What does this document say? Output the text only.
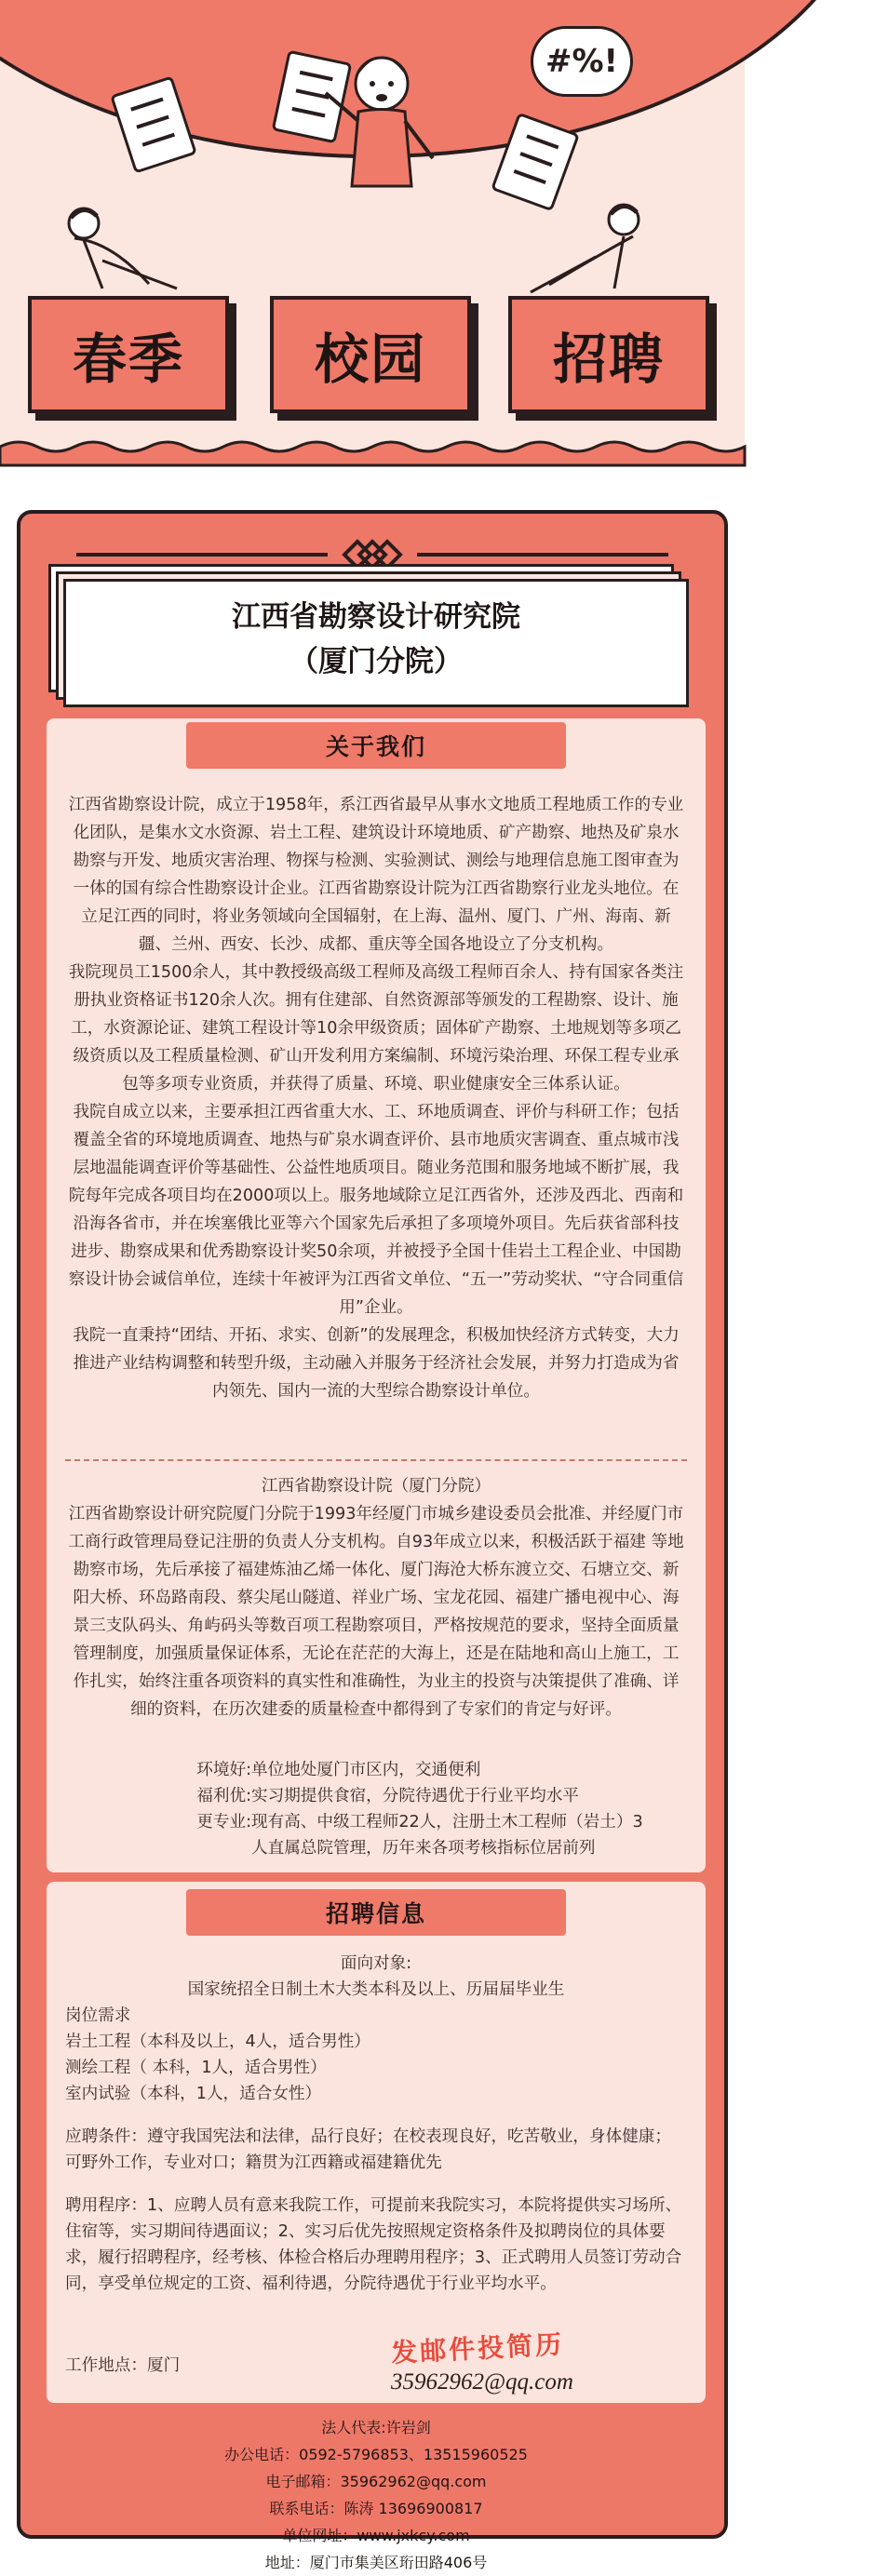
#%!
春季	校园	招聘
江西省勘察设计研究院
（厦门分院）
关于我们

江西省勘察设计院，成立于1958年，系江西省最早从事水文地质工程地质工作的专业化团队，是集水文水资源、岩土工程、建筑设计环境地质、矿产勘察、地热及矿泉水勘察与开发、地质灾害治理、物探与检测、实验测试、测绘与地理信息施工图审查为一体的国有综合性勘察设计企业。江西省勘察设计院为江西省勘察行业龙头地位。在立足江西的同时，将业务领域向全国辐射，在上海、温州、厦门、广州、海南、新疆、兰州、西安、长沙、成都、重庆等全国各地设立了分支机构。

我院现员工1500余人，其中教授级高级工程师及高级工程师百余人、持有国家各类注册执业资格证书120余人次。拥有住建部、自然资源部等颁发的工程勘察、设计、施工，水资源论证、建筑工程设计等10余甲级资质；固体矿产勘察、土地规划等多项乙级资质以及工程质量检测、矿山开发利用方案编制、环境污染治理、环保工程专业承包等多项专业资质，并获得了质量、环境、职业健康安全三体系认证。

我院自成立以来，主要承担江西省重大水、工、环地质调查、评价与科研工作；包括覆盖全省的环境地质调查、地热与矿泉水调查评价、县市地质灾害调查、重点城市浅层地温能调查评价等基础性、公益性地质项目。随业务范围和服务地域不断扩展，我院每年完成各项目均在2000项以上。服务地域除立足江西省外，还涉及西北、西南和沿海各省市，并在埃塞俄比亚等六个国家先后承担了多项境外项目。先后获省部科技进步、勘察成果和优秀勘察设计奖50余项，并被授予全国十佳岩土工程企业、中国勘察设计协会诚信单位，连续十年被评为江西省文单位、“五一”劳动奖状、“守合同重信用”企业。

我院一直秉持“团结、开拓、求实、创新”的发展理念，积极加快经济方式转变，大力推进产业结构调整和转型升级，主动融入并服务于经济社会发展，并努力打造成为省内领先、国内一流的大型综合勘察设计单位。

江西省勘察设计院（厦门分院）

江西省勘察设计研究院厦门分院于1993年经厦门市城乡建设委员会批准、并经厦门市工商行政管理局登记注册的负责人分支机构。自93年成立以来，积极活跃于福建 等地勘察市场，先后承接了福建炼油乙烯一体化、厦门海沧大桥东渡立交、石塘立交、新阳大桥、环岛路南段、蔡尖尾山隧道、祥业广场、宝龙花园、福建广播电视中心、海景三支队码头、角屿码头等数百项工程勘察项目，严格按规范的要求，坚持全面质量管理制度，加强质量保证体系，无论在茫茫的大海上，还是在陆地和高山上施工，工作扎实，始终注重各项资料的真实性和准确性，为业主的投资与决策提供了准确、详细的资料，在历次建委的质量检查中都得到了专家们的肯定与好评。

环境好: 单位地处厦门市区内，交通便利
福利优: 实习期提供食宿，分院待遇优于行业平均水平
更专业: 现有高、中级工程师22人，注册土木工程师（岩土）3人直属总院管理，历年来各项考核指标位居前列
招聘信息
面向对象:
国家统招全日制土木大类本科及以上、历届届毕业生
岗位需求
岩土工程（本科及以上，4人，适合男性）
测绘工程（ 本科，1人，适合男性）
室内试验（本科，1人，适合女性）
应聘条件：遵守我国宪法和法律，品行良好；在校表现良好，吃苦敬业，身体健康；可野外工作，专业对口；籍贯为江西籍或福建籍优先
聘用程序：1、应聘人员有意来我院工作，可提前来我院实习，本院将提供实习场所、住宿等，实习期间待遇面议；2、实习后优先按照规定资格条件及拟聘岗位的具体要求，履行招聘程序，经考核、体检合格后办理聘用程序；3、正式聘用人员签订劳动合同，享受单位规定的工资、福利待遇，分院待遇优于行业平均水平。
工作地点：厦门	发邮件投简历
35962962@qq.com
法人代表:许岩剑
办公电话：0592-5796853、13515960525
电子邮箱：35962962@qq.com
联系电话：陈涛 13696900817
单位网址：www.jxkcy.com
地址：厦门市集美区珩田路406号
